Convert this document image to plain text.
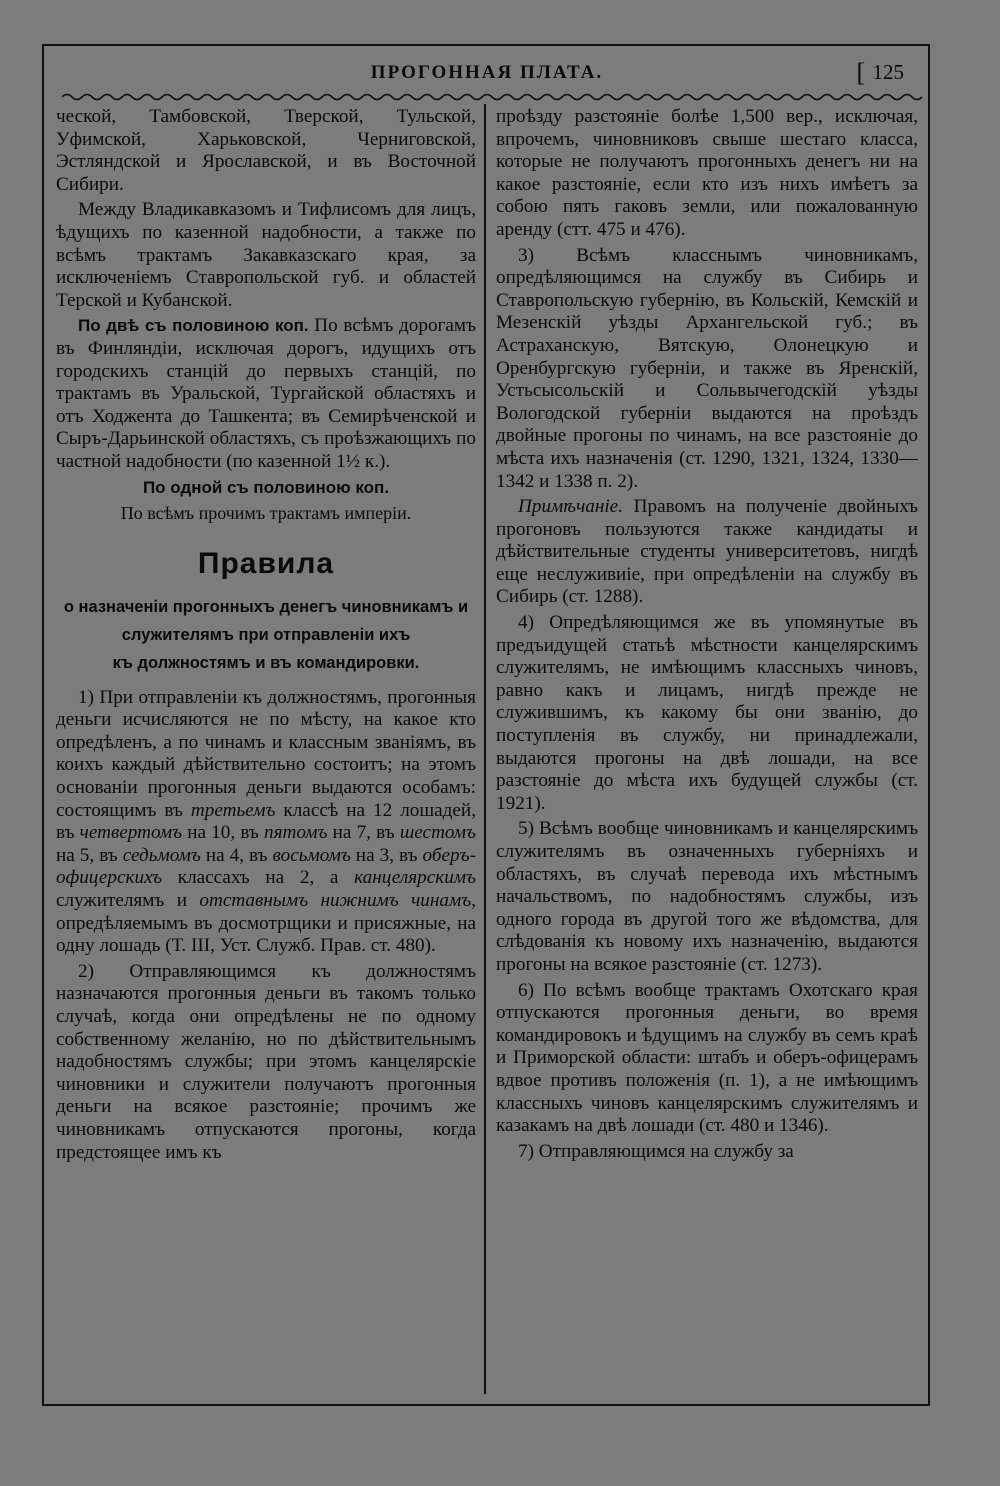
ПРОГОННАЯ ПЛАТА.
[	125

ческой, Тамбовской, Тверской, Тульской, Уфимской, Харьковской, Черниговской, Эстляндской и Ярославской, и въ Восточной Сибири.

Между Владикавказомъ и Тифлисомъ для лицъ, ѣдущихъ по казенной надобности, а также по всѣмъ трактамъ Закавказскаго края, за исключеніемъ Ставропольской губ. и областей Терской и Кубанской.

По двѣ съ половиною коп. По всѣмъ дорогамъ въ Финляндіи, исключая дорогъ, идущихъ отъ городскихъ станцій до первыхъ станцій, по трактамъ въ Уральской, Тургайской областяхъ и отъ Ходжента до Ташкента; въ Семирѣченской и Сыръ-Дарьинской областяхъ, съ проѣзжающихъ по частной надобности (по казенной 1½ к.).

По одной съ половиною коп.

По всѣмъ прочимъ трактамъ имперіи.

Правила
о назначеніи прогонныхъ денегъ чиновникамъ и служителямъ при отправленіи ихъ
къ должностямъ и въ командировки.

1) При отправленіи къ должностямъ, прогонныя деньги исчисляются не по мѣсту, на какое кто опредѣленъ, а по чинамъ и классным званіямъ, въ коихъ каждый дѣйствительно состоитъ; на этомъ основаніи прогонныя деньги выдаются особамъ: состоящимъ въ третьемъ классѣ на 12 лошадей, въ четвертомъ на 10, въ пятомъ на 7, въ шестомъ на 5, въ седьмомъ на 4, въ восьмомъ на 3, въ оберъ-офицерскихъ классахъ на 2, а канцелярскимъ служителямъ и отставнымъ нижнимъ чинамъ, опредѣляемымъ въ досмотрщики и присяжные, на одну лошадь (Т. III, Уст. Служб. Прав. ст. 480).

2) Отправляющимся къ должностямъ назначаются прогонныя деньги въ такомъ только случаѣ, когда они опредѣлены не по одному собственному желанію, но по дѣйствительнымъ надобностямъ службы; при этомъ канцелярскіе чиновники и служители получаютъ прогонныя деньги на всякое разстояніе; прочимъ же чиновникамъ отпускаются прогоны, когда предстоящее имъ къ

проѣзду разстояніе болѣе 1,500 вер., исключая, впрочемъ, чиновниковъ свыше шестаго класса, которые не получаютъ прогонныхъ денегъ ни на какое разстояніе, если кто изъ нихъ имѣетъ за собою пять гаковъ земли, или пожалованную аренду (стт. 475 и 476).

3) Всѣмъ класснымъ чиновникамъ, опредѣляющимся на службу въ Сибирь и Ставропольскую губернію, въ Кольскій, Кемскій и Мезенскій уѣзды Архангельской губ.; въ Астраханскую, Вятскую, Олонецкую и Оренбургскую губерніи, и также въ Яренскій, Устьсысольскій и Сольвычегодскій уѣзды Вологодской губерніи выдаются на проѣздъ двойные прогоны по чинамъ, на все разстояніе до мѣста ихъ назначенія (ст. 1290, 1321, 1324, 1330—1342 и 1338 п. 2).

Примѣчаніе. Правомъ на полученіе двойныхъ прогоновъ пользуются также кандидаты и дѣйствительные студенты университетовъ, нигдѣ еще неслуживиіе, при опредѣленіи на службу въ Сибирь (ст. 1288).

4) Опредѣляющимся же въ упомянутые въ предъидущей статьѣ мѣстности канцелярскимъ служителямъ, не имѣющимъ классныхъ чиновъ, равно какъ и лицамъ, нигдѣ прежде не служившимъ, къ какому бы они званію, до поступленія въ службу, ни принадлежали, выдаются прогоны на двѣ лошади, на все разстояніе до мѣста ихъ будущей службы (ст. 1921).

5) Всѣмъ вообще чиновникамъ и канцелярскимъ служителямъ въ означенныхъ губерніяхъ и областяхъ, въ случаѣ перевода ихъ мѣстнымъ начальствомъ, по надобностямъ службы, изъ одного города въ другой того же вѣдомства, для слѣдованія къ новому ихъ назначенію, выдаются прогоны на всякое разстояніе (ст. 1273).

6) По всѣмъ вообще трактамъ Охотскаго края отпускаются прогонныя деньги, во время командировокъ и ѣдущимъ на службу въ семъ краѣ и Приморской области: штабъ и оберъ-офицерамъ вдвое противъ положенія (п. 1), а не имѣющимъ классныхъ чиновъ канцелярскимъ служителямъ и казакамъ на двѣ лошади (ст. 480 и 1346).

7) Отправляющимся на службу за
